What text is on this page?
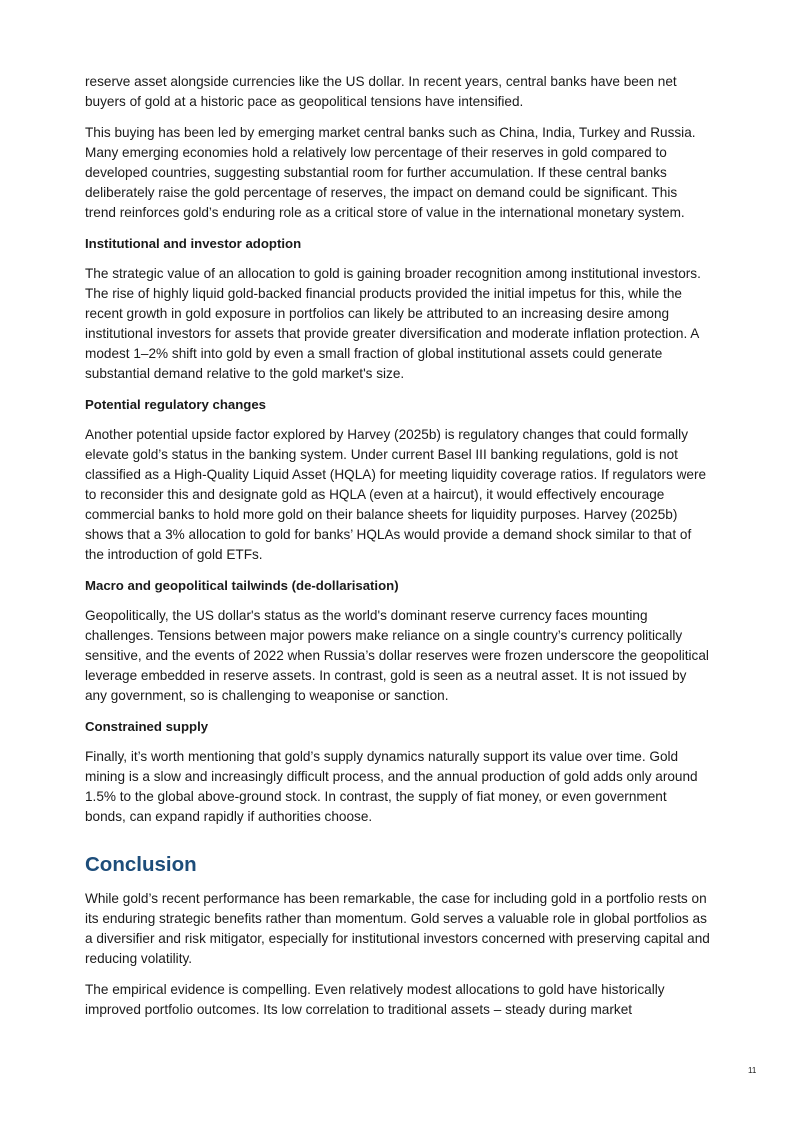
reserve asset alongside currencies like the US dollar. In recent years, central banks have been net buyers of gold at a historic pace as geopolitical tensions have intensified.

This buying has been led by emerging market central banks such as China, India, Turkey and Russia. Many emerging economies hold a relatively low percentage of their reserves in gold compared to developed countries, suggesting substantial room for further accumulation. If these central banks deliberately raise the gold percentage of reserves, the impact on demand could be significant. This trend reinforces gold’s enduring role as a critical store of value in the international monetary system.

Institutional and investor adoption

The strategic value of an allocation to gold is gaining broader recognition among institutional investors. The rise of highly liquid gold-backed financial products provided the initial impetus for this, while the recent growth in gold exposure in portfolios can likely be attributed to an increasing desire among institutional investors for assets that provide greater diversification and moderate inflation protection. A modest 1–2% shift into gold by even a small fraction of global institutional assets could generate substantial demand relative to the gold market's size.

Potential regulatory changes

Another potential upside factor explored by Harvey (2025b) is regulatory changes that could formally elevate gold’s status in the banking system. Under current Basel III banking regulations, gold is not classified as a High-Quality Liquid Asset (HQLA) for meeting liquidity coverage ratios. If regulators were to reconsider this and designate gold as HQLA (even at a haircut), it would effectively encourage commercial banks to hold more gold on their balance sheets for liquidity purposes. Harvey (2025b) shows that a 3% allocation to gold for banks’ HQLAs would provide a demand shock similar to that of the introduction of gold ETFs.

Macro and geopolitical tailwinds (de-dollarisation)

Geopolitically, the US dollar's status as the world's dominant reserve currency faces mounting challenges. Tensions between major powers make reliance on a single country’s currency politically sensitive, and the events of 2022 when Russia’s dollar reserves were frozen underscore the geopolitical leverage embedded in reserve assets. In contrast, gold is seen as a neutral asset. It is not issued by any government, so is challenging to weaponise or sanction.

Constrained supply

Finally, it’s worth mentioning that gold’s supply dynamics naturally support its value over time. Gold mining is a slow and increasingly difficult process, and the annual production of gold adds only around 1.5% to the global above-ground stock. In contrast, the supply of fiat money, or even government bonds, can expand rapidly if authorities choose.

Conclusion

While gold’s recent performance has been remarkable, the case for including gold in a portfolio rests on its enduring strategic benefits rather than momentum. Gold serves a valuable role in global portfolios as a diversifier and risk mitigator, especially for institutional investors concerned with preserving capital and reducing volatility.

The empirical evidence is compelling. Even relatively modest allocations to gold have historically improved portfolio outcomes. Its low correlation to traditional assets – steady during market

11
